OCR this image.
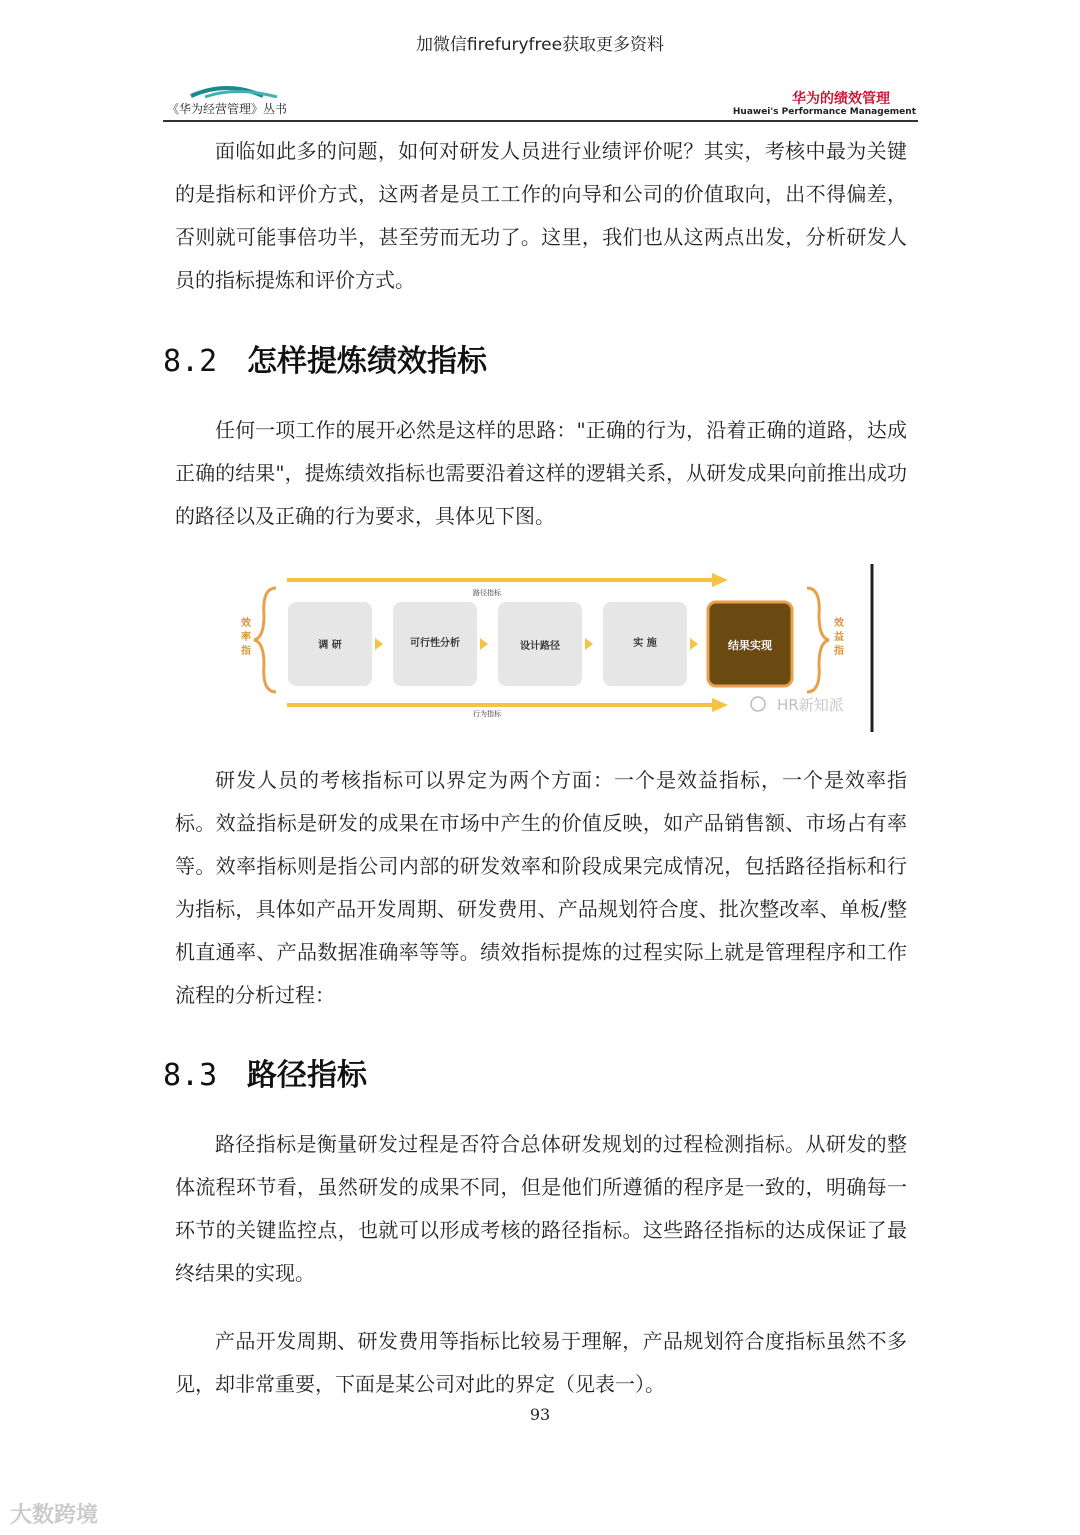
加微信firefuryfree获取更多资料
《华为经营管理》丛书
华为的绩效管理
Huawei's Performance Management

面临如此多的问题，如何对研发人员进行业绩评价呢？其实，考核中最为关键的是指标和评价方式，这两者是员工工作的向导和公司的价值取向，出不得偏差，否则就可能事倍功半，甚至劳而无功了。这里，我们也从这两点出发，分析研发人员的指标提炼和评价方式。

8.2 怎样提炼绩效指标

任何一项工作的展开必然是这样的思路："正确的行为，沿着正确的道路，达成正确的结果"，提炼绩效指标也需要沿着这样的逻辑关系，从研发成果向前推出成功的路径以及正确的行为要求，具体见下图。

路径指标
行为指标
效
率
指
效
益
指
调 研	可行性分析	设计路径	实 施	结果实现
HR新知派

研发人员的考核指标可以界定为两个方面：一个是效益指标，一个是效率指标。效益指标是研发的成果在市场中产生的价值反映，如产品销售额、市场占有率等。效率指标则是指公司内部的研发效率和阶段成果完成情况，包括路径指标和行为指标，具体如产品开发周期、研发费用、产品规划符合度、批次整改率、单板/整机直通率、产品数据准确率等等。绩效指标提炼的过程实际上就是管理程序和工作流程的分析过程：

8.3 路径指标

路径指标是衡量研发过程是否符合总体研发规划的过程检测指标。从研发的整体流程环节看，虽然研发的成果不同，但是他们所遵循的程序是一致的，明确每一环节的关键监控点，也就可以形成考核的路径指标。这些路径指标的达成保证了最终结果的实现。

产品开发周期、研发费用等指标比较易于理解，产品规划符合度指标虽然不多见，却非常重要，下面是某公司对此的界定（见表一）。

93
大数跨境
